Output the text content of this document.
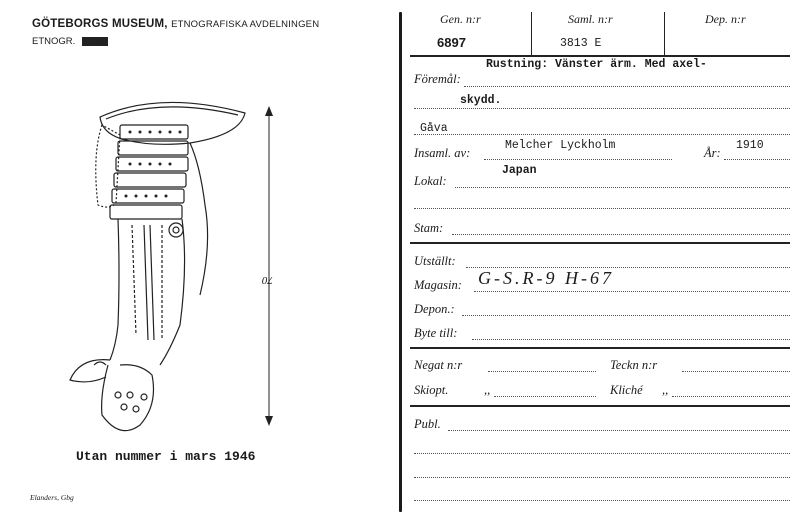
GÖTEBORGS MUSEUM, ETNOGRAFISKA AVDELNINGEN
ETNOGR. 10760
70
Utan nummer i mars 1946
Elanders, Gbg
Gen. n:r
6897
Saml. n:r
3813 E
Dep. n:r
Rustning: Vänster ärm. Med axel-
Föremål:
skydd.
Gåva
Insaml. av:
Melcher Lyckholm
År:
1910
Japan
Lokal:
Stam:
Utställt:
Magasin: G-S.R-9 H-67
Depon.:
Byte till:
Negat n:r	Teckn n:r
Skiopt.	,,	Kliché ,,
Publ.
